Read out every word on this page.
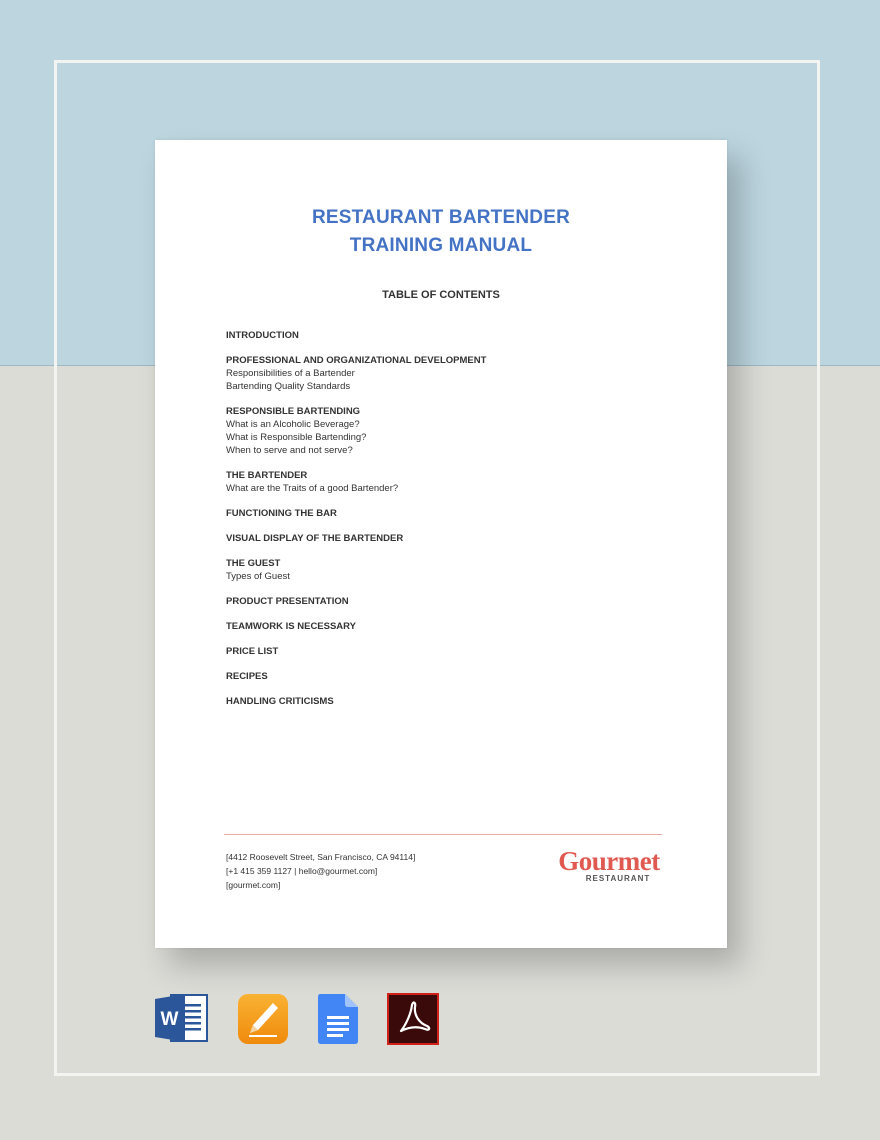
RESTAURANT BARTENDER
TRAINING MANUAL
TABLE OF CONTENTS
INTRODUCTION
PROFESSIONAL AND ORGANIZATIONAL DEVELOPMENT
Responsibilities of a Bartender
Bartending Quality Standards
RESPONSIBLE BARTENDING
What is an Alcoholic Beverage?
What is Responsible Bartending?
When to serve and not serve?
THE BARTENDER
What are the Traits of a good Bartender?
FUNCTIONING THE BAR
VISUAL DISPLAY OF THE BARTENDER
THE GUEST
Types of Guest
PRODUCT PRESENTATION
TEAMWORK IS NECESSARY
PRICE LIST
RECIPES
HANDLING CRITICISMS
[4412 Roosevelt Street, San Francisco, CA 94114]
[+1 415 359 1127 | hello@gourmet.com]
[gourmet.com]
Gourmet
RESTAURANT
W
